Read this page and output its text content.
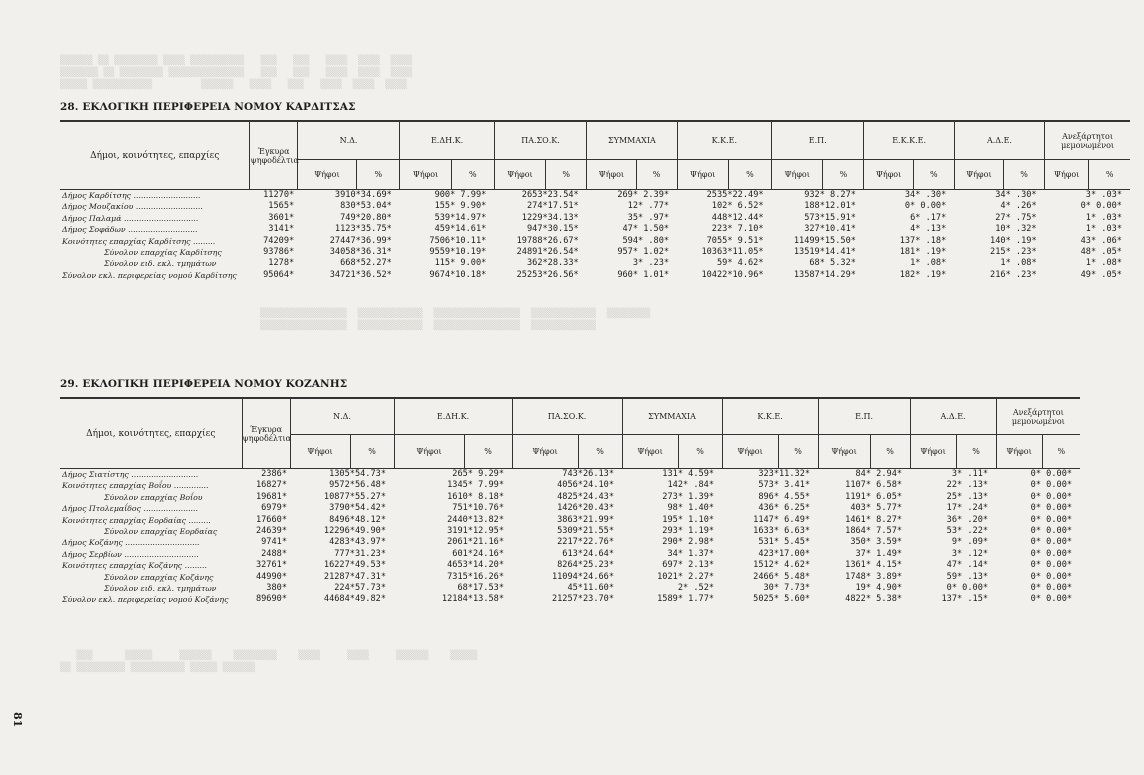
▒▒▒▒▒▒ ▒▒ ▒▒▒▒▒▒▒▒ ▒▒▒▒ ▒▒▒▒▒▒▒▒▒▒   ▒▒▒   ▒▒▒   ▒▒▒▒  ▒▒▒▒  ▒▒▒▒
▒▒▒▒▒▒▒ ▒▒ ▒▒▒▒▒▒▒▒ ▒▒▒▒▒▒▒▒▒▒▒▒▒▒   ▒▒▒   ▒▒▒   ▒▒▒▒  ▒▒▒▒  ▒▒▒▒
▒▒▒▒▒ ▒▒▒▒▒▒▒▒▒▒▒         ▒▒▒▒▒▒   ▒▒▒▒   ▒▒▒   ▒▒▒▒  ▒▒▒▒  ▒▒▒▒
▒▒▒▒▒▒▒▒▒▒▒▒▒▒▒▒  ▒▒▒▒▒▒▒▒▒▒▒▒  ▒▒▒▒▒▒▒▒▒▒▒▒▒▒▒▒  ▒▒▒▒▒▒▒▒▒▒▒▒  ▒▒▒▒▒▒▒▒
▒▒▒▒▒▒▒▒▒▒▒▒▒▒▒▒  ▒▒▒▒▒▒▒▒▒▒▒▒  ▒▒▒▒▒▒▒▒▒▒▒▒▒▒▒▒  ▒▒▒▒▒▒▒▒▒▒▒▒
▒▒▒      ▒▒▒▒▒     ▒▒▒▒▒▒    ▒▒▒▒▒▒▒▒    ▒▒▒▒     ▒▒▒▒     ▒▒▒▒▒▒    ▒▒▒▒▒
▒▒ ▒▒▒▒▒▒▒▒▒ ▒▒▒▒▒▒▒▒▒▒ ▒▒▒▒▒ ▒▒▒▒▒▒
28. ΕΚΛΟΓΙΚΗ ΠΕΡΙΦΕΡΕΙΑ ΝΟΜΟΥ ΚΑΡΔΙΤΣΑΣ
Δήμοι, κοινότητες, επαρχίες	Έγκυρα ψηφοδέλτια	Ν.Δ.		Ε.ΔΗ.Κ.		ΠΑ.ΣΟ.Κ.		ΣΥΜΜΑΧΙΑ		Κ.Κ.Ε.		Ε.Π.		Ε.Κ.Κ.Ε.		Α.Δ.Ε.		Ανεξάρτητοι μεμονωμένοι	
		Ψήφοι	%	Ψήφοι	%	Ψήφοι	%	Ψήφοι	%	Ψήφοι	%	Ψήφοι	%	Ψήφοι	%	Ψήφοι	%	Ψήφοι	%
Δήμος Καρδίτσης ...........................	11270*	3910*34.69*		900* 7.99*		2653*23.54*		269* 2.39*		2535*22.49*		932* 8.27*		34* .30*		34* .30*		3* .03*	
Δήμος Μουζακίου ...........................	1565*	830*53.04*		155* 9.90*		274*17.51*		12* .77*		102* 6.52*		188*12.01*		0* 0.00*		4* .26*		0* 0.00*	
Δήμος Παλαμά ..............................	3601*	749*20.80*		539*14.97*		1229*34.13*		35* .97*		448*12.44*		573*15.91*		6* .17*		27* .75*		1* .03*	
Δήμος Σοφάδων ............................	3141*	1123*35.75*		459*14.61*		947*30.15*		47* 1.50*		223* 7.10*		327*10.41*		4* .13*		10* .32*		1* .03*	
Κοινότητες επαρχίας Καρδίτσης .........	74209*	27447*36.99*		7506*10.11*		19788*26.67*		594* .80*		7055* 9.51*		11499*15.50*		137* .18*		140* .19*		43* .06*	
Σύνολον επαρχίας Καρδίτσης	93786*	34058*36.31*		9559*10.19*		24891*26.54*		957* 1.02*		10363*11.05*		13519*14.41*		181* .19*		215* .23*		48* .05*	
Σύνολον ειδ. εκλ. τμημάτων	1278*	668*52.27*		115* 9.00*		362*28.33*		3* .23*		59* 4.62*		68* 5.32*		1* .08*		1* .08*		1* .08*	
Σύνολον εκλ. περιφερείας νομού Καρδίτσης	95064*	34721*36.52*		9674*10.18*		25253*26.56*		960* 1.01*		10422*10.96*		13587*14.29*		182* .19*		216* .23*		49* .05*	
29. ΕΚΛΟΓΙΚΗ ΠΕΡΙΦΕΡΕΙΑ ΝΟΜΟΥ ΚΟΖΑΝΗΣ
Δήμοι, κοινότητες, επαρχίες	Έγκυρα ψηφοδέλτια	Ν.Δ.		Ε.ΔΗ.Κ.		ΠΑ.ΣΟ.Κ.		ΣΥΜΜΑΧΙΑ		Κ.Κ.Ε.		Ε.Π.		Α.Δ.Ε.		Ανεξάρτητοι μεμονωμένοι	
		Ψήφοι	%	Ψήφοι	%	Ψήφοι	%	Ψήφοι	%	Ψήφοι	%	Ψήφοι	%	Ψήφοι	%	Ψήφοι	%
Δήμος Σιατίστης ...........................	2386*	1305*54.73*		265* 9.29*		743*26.13*		131* 4.59*		323*11.32*		84* 2.94*		3* .11*		0* 0.00*	
Κοινότητες επαρχίας Βοΐου ..............	16827*	9572*56.48*		1345* 7.99*		4056*24.10*		142* .84*		573* 3.41*		1107* 6.58*		22* .13*		0* 0.00*	
Σύνολον επαρχίας Βοΐου	19681*	10877*55.27*		1610* 8.18*		4825*24.43*		273* 1.39*		896* 4.55*		1191* 6.05*		25* .13*		0* 0.00*	
Δήμος Πτολεμαΐδος ......................	6979*	3790*54.42*		751*10.76*		1426*20.43*		98* 1.40*		436* 6.25*		403* 5.77*		17* .24*		0* 0.00*	
Κοινότητες επαρχίας Εορδαίας .........	17660*	8496*48.12*		2440*13.82*		3863*21.99*		195* 1.10*		1147* 6.49*		1461* 8.27*		36* .20*		0* 0.00*	
Σύνολον επαρχίας Εορδαίας	24639*	12296*49.90*		3191*12.95*		5309*21.55*		293* 1.19*		1633* 6.63*		1864* 7.57*		53* .22*		0* 0.00*	
Δήμος Κοζάνης ..............................	9741*	4283*43.97*		2061*21.16*		2217*22.76*		290* 2.98*		531* 5.45*		350* 3.59*		9* .09*		0* 0.00*	
Δήμος Σερβίων ..............................	2488*	777*31.23*		601*24.16*		613*24.64*		34* 1.37*		423*17.00*		37* 1.49*		3* .12*		0* 0.00*	
Κοινότητες επαρχίας Κοζάνης .........	32761*	16227*49.53*		4653*14.20*		8264*25.23*		697* 2.13*		1512* 4.62*		1361* 4.15*		47* .14*		0* 0.00*	
Σύνολον επαρχίας Κοζάνης	44990*	21287*47.31*		7315*16.26*		11094*24.66*		1021* 2.27*		2466* 5.48*		1748* 3.89*		59* .13*		0* 0.00*	
Σύνολον ειδ. εκλ. τμημάτων	380*	224*57.73*		68*17.53*		45*11.60*		2* .52*		30* 7.73*		19* 4.90*		0* 0.00*		0* 0.00*	
Σύνολον εκλ. περιφερείας νομού Κοζάνης	89690*	44684*49.82*		12184*13.58*		21257*23.70*		1589* 1.77*		5025* 5.60*		4822* 5.38*		137* .15*		0* 0.00*	
81
